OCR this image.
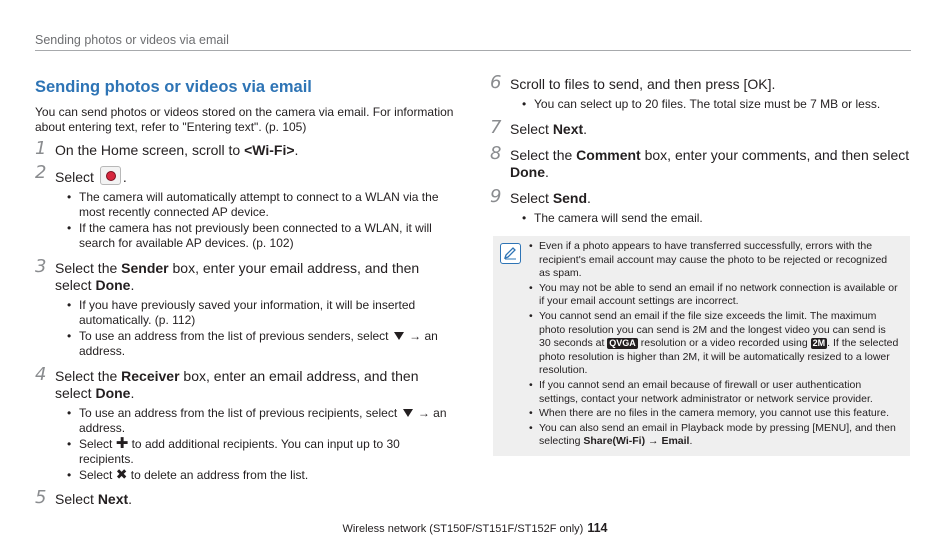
Sending photos or videos via email
Sending photos or videos via email

You can send photos or videos stored on the camera via email. For information about entering text, refer to "Entering text". (p. 105)

1 On the Home screen, scroll to <Wi-Fi>.
2 Select .
• The camera will automatically attempt to connect to a WLAN via the most recently connected AP device.
• If the camera has not previously been connected to a WLAN, it will search for available AP devices. (p. 102)
3 Select the Sender box, enter your email address, and then select Done.
• If you have previously saved your information, it will be inserted automatically. (p. 112)
• To use an address from the list of previous senders, select  → an address.
4 Select the Receiver box, enter an email address, and then select Done.
• To use an address from the list of previous recipients, select  → an address.
• Select ✚ to add additional recipients. You can input up to 30 recipients.
• Select ✖ to delete an address from the list.
5 Select Next.
6 Scroll to files to send, and then press [OK].
• You can select up to 20 files. The total size must be 7 MB or less.
7 Select Next.
8 Select the Comment box, enter your comments, and then select Done.
9 Select Send.
• The camera will send the email.
• Even if a photo appears to have transferred successfully, errors with the recipient's email account may cause the photo to be rejected or recognized as spam.
• You may not be able to send an email if no network connection is available or if your email account settings are incorrect.
• You cannot send an email if the file size exceeds the limit. The maximum photo resolution you can send is 2M and the longest video you can send is 30 seconds at QVGA resolution or a video recorded using 2M . If the selected photo resolution is higher than 2M, it will be automatically resized to a lower resolution.
• If you cannot send an email because of firewall or user authentication settings, contact your network administrator or network service provider.
• When there are no files in the camera memory, you cannot use this feature.
• You can also send an email in Playback mode by pressing [MENU], and then selecting Share(Wi-Fi) → Email.
Wireless network (ST150F/ST151F/ST152F only) 114
